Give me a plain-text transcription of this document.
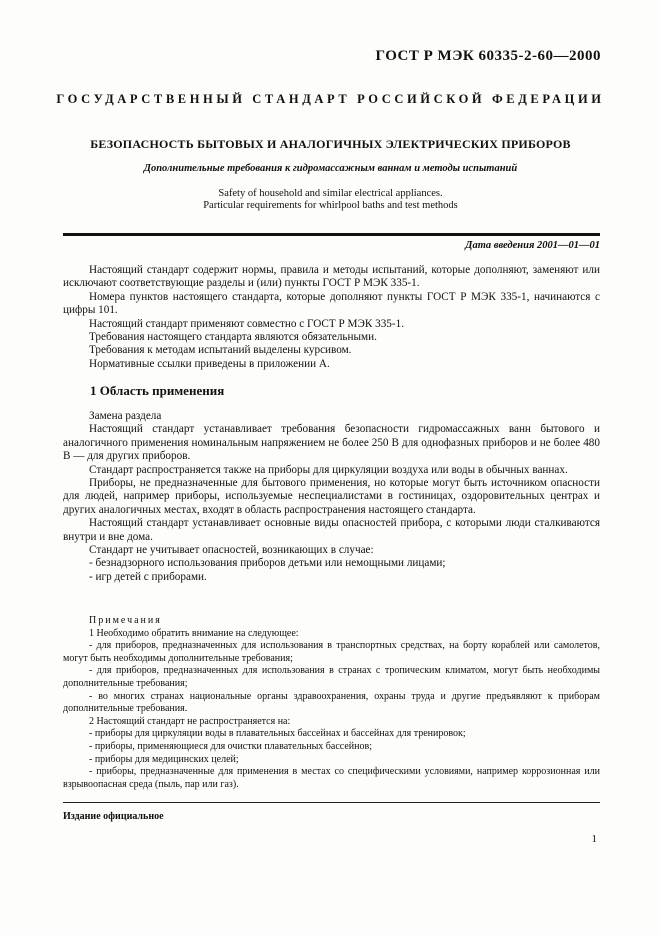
ГОСТ Р МЭК 60335-2-60—2000
ГОСУДАРСТВЕННЫЙ СТАНДАРТ РОССИЙСКОЙ ФЕДЕРАЦИИ
БЕЗОПАСНОСТЬ БЫТОВЫХ И АНАЛОГИЧНЫХ ЭЛЕКТРИЧЕСКИХ ПРИБОРОВ
Дополнительные требования к гидромассажным ваннам и методы испытаний
Safety of household and similar electrical appliances.
Particular requirements for whirlpool baths and test methods
Дата введения 2001—01—01

Настоящий стандарт содержит нормы, правила и методы испытаний, которые дополняют, заменяют или исключают соответствующие разделы и (или) пункты ГОСТ Р МЭК 335-1.

Номера пунктов настоящего стандарта, которые дополняют пункты ГОСТ Р МЭК 335-1, начинаются с цифры 101.

Настоящий стандарт применяют совместно с ГОСТ Р МЭК 335-1.

Требования настоящего стандарта являются обязательными.

Требования к методам испытаний выделены курсивом.

Нормативные ссылки приведены в приложении А.

1 Область применения

Замена раздела

Настоящий стандарт устанавливает требования безопасности гидромассажных ванн бытового и аналогичного применения номинальным напряжением не более 250 В для однофазных приборов и не более 480 В — для других приборов.

Стандарт распространяется также на приборы для циркуляции воздуха или воды в обычных ваннах.

Приборы, не предназначенные для бытового применения, но которые могут быть источником опасности для людей, например приборы, используемые неспециалистами в гостиницах, оздоровительных центрах и других аналогичных местах, входят в область распространения настоящего стандарта.

Настоящий стандарт устанавливает основные виды опасностей прибора, с которыми люди сталкиваются внутри и вне дома.

Стандарт не учитывает опасностей, возникающих в случае:

- безнадзорного использования приборов детьми или немощными лицами;

- игр детей с приборами.

Примечания

1 Необходимо обратить внимание на следующее:

- для приборов, предназначенных для использования в транспортных средствах, на борту кораблей или самолетов, могут быть необходимы дополнительные требования;

- для приборов, предназначенных для использования в странах с тропическим климатом, могут быть необходимы дополнительные требования;

- во многих странах национальные органы здравоохранения, охраны труда и другие предъявляют к приборам дополнительные требования.

2 Настоящий стандарт не распространяется на:

- приборы для циркуляции воды в плавательных бассейнах и бассейнах для тренировок;

- приборы, применяющиеся для очистки плавательных бассейнов;

- приборы для медицинских целей;

- приборы, предназначенные для применения в местах со специфическими условиями, например коррозионная или взрывоопасная среда (пыль, пар или газ).

Издание официальное
1
